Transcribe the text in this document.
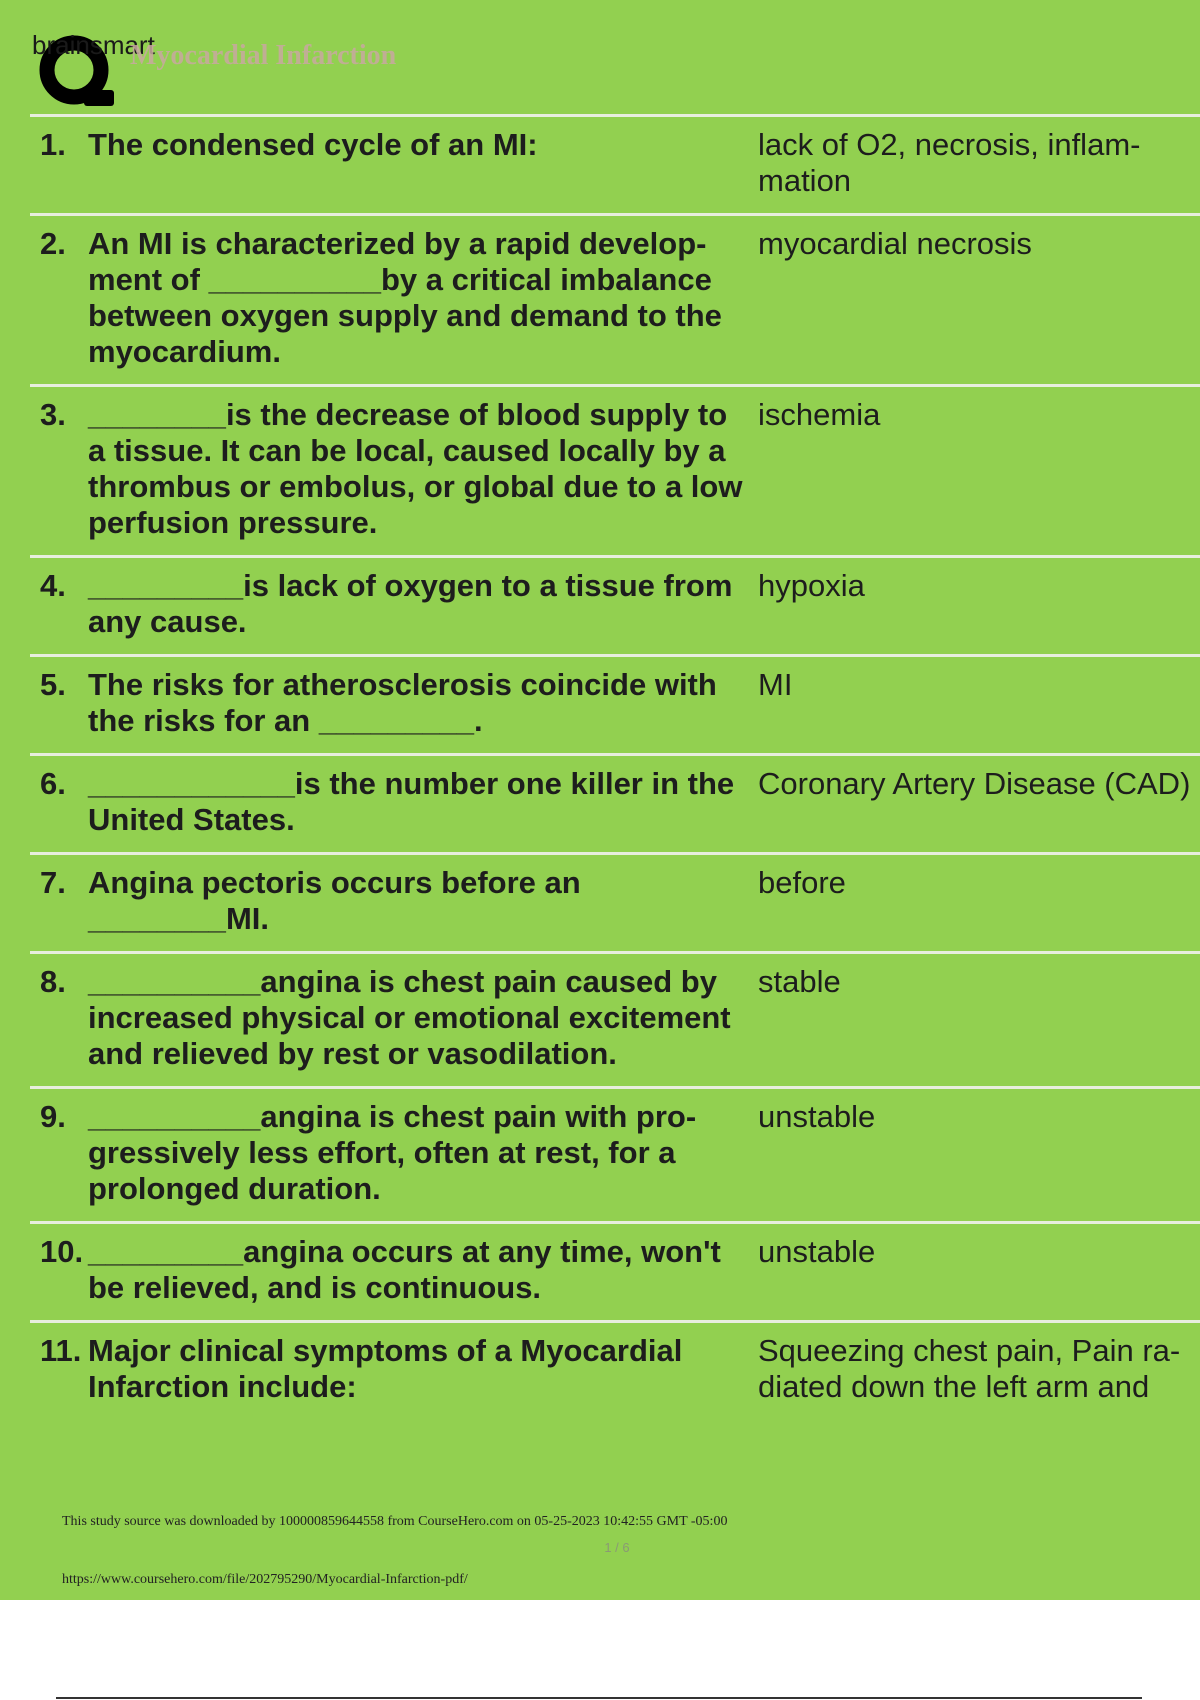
brainsmart
Myocardial Infarction
1. The condensed cycle of an MI:	lack of O2, necrosis, inflammation
2. An MI is characterized by a rapid development of __________by a critical imbalance between oxygen supply and demand to the myocardium.
myocardial necrosis
3. ________is the decrease of blood supply to a tissue. It can be local, caused locally by a thrombus or embolus, or global due to a low perfusion pressure.
ischemia
4. _________is lack of oxygen to a tissue from any cause.
hypoxia
5. The risks for atherosclerosis coincide with the risks for an _________.
MI
6. ____________is the number one killer in the United States.
Coronary Artery Disease (CAD)
7. Angina pectoris occurs before an ________MI.
before
8. __________angina is chest pain caused by increased physical or emotional excitement and relieved by rest or vasodilation.
stable
9. __________angina is chest pain with progressively less effort, often at rest, for a prolonged duration.
unstable
10. _________angina occurs at any time, won't be relieved, and is continuous.
unstable
11. Major clinical symptoms of a Myocardial Infarction include:
Squeezing chest pain, Pain radiated down the left arm and
This study source was downloaded by 100000859644558 from CourseHero.com on 05-25-2023 10:42:55 GMT -05:00
1 / 6
https://www.coursehero.com/file/202795290/Myocardial-Infarction-pdf/
